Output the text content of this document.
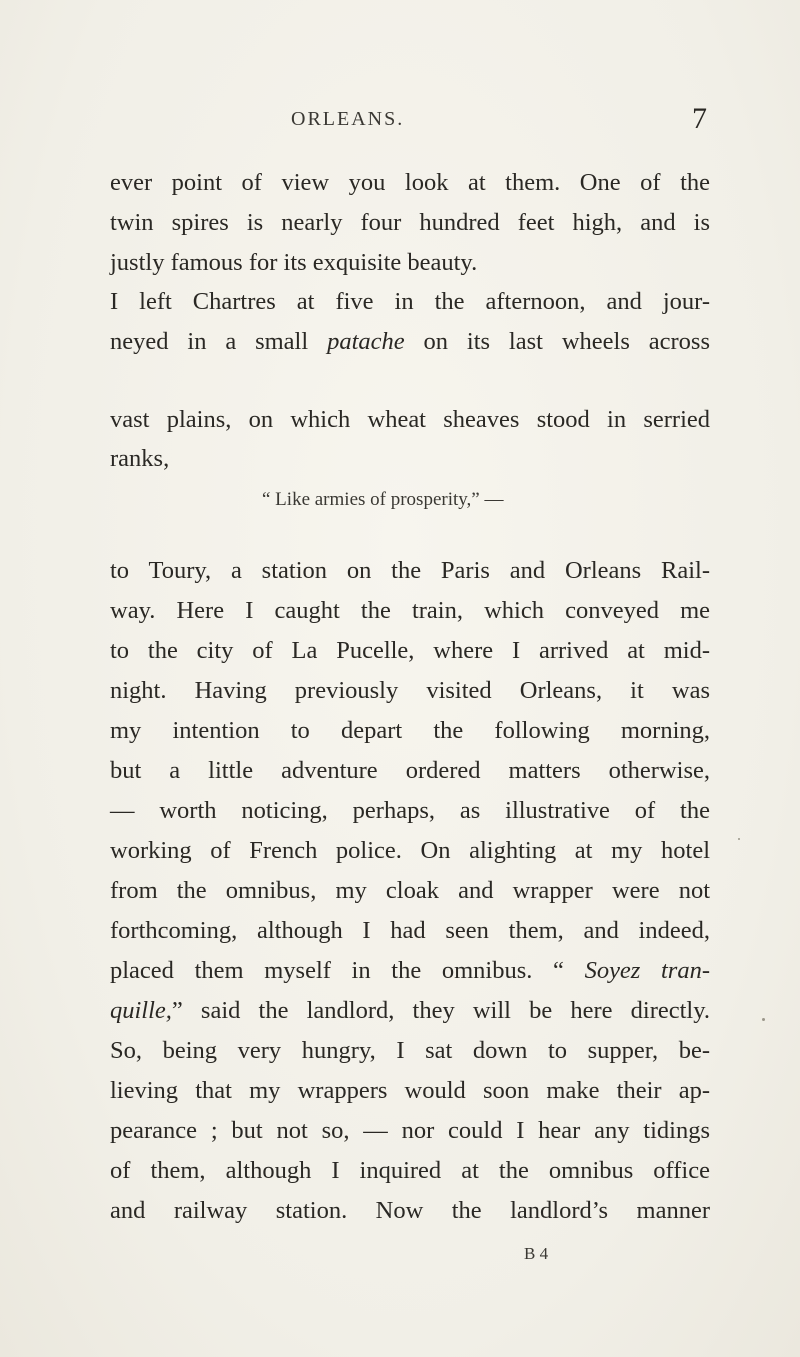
ORLEANS.	7
ever point of view you look at them. One of the
twin spires is nearly four hundred feet high, and is
justly famous for its exquisite beauty.
I left Chartres at five in the afternoon, and jour-
neyed in a small patache on its last wheels across
vast plains, on which wheat sheaves stood in serried
ranks,
“ Like armies of prosperity,” —
to Toury, a station on the Paris and Orleans Rail-
way. Here I caught the train, which conveyed me
to the city of La Pucelle, where I arrived at mid-
night. Having previously visited Orleans, it was
my intention to depart the following morning,
but a little adventure ordered matters otherwise,
— worth noticing, perhaps, as illustrative of the
working of French police. On alighting at my hotel
from the omnibus, my cloak and wrapper were not
forthcoming, although I had seen them, and indeed,
placed them myself in the omnibus. “ Soyez tran-
quille,” said the landlord, they will be here directly.
So, being very hungry, I sat down to supper, be-
lieving that my wrappers would soon make their ap-
pearance ; but not so, — nor could I hear any tidings
of them, although I inquired at the omnibus office
and railway station. Now the landlord’s manner
B 4
